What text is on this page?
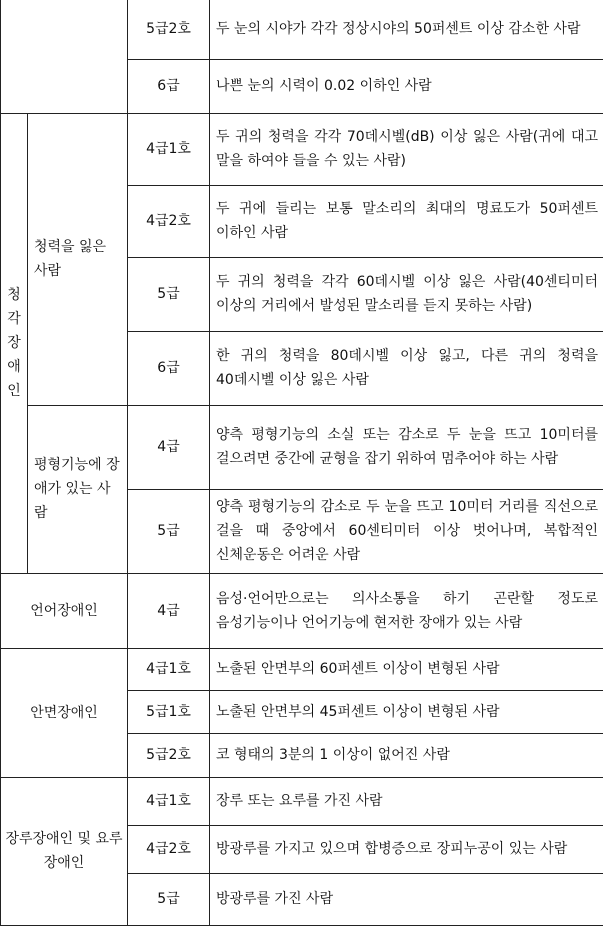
		5급2호	두 눈의 시야가 각각 정상시야의 50퍼센트 이상 감소한 사람
		6급	나쁜 눈의 시력이 0.02 이하인 사람
청각장애인	청력을 잃은 사람	4급1호	두 귀의 청력을 각각 70데시벨(dB) 이상 잃은 사람(귀에 대고 말을 하여야 들을 수 있는 사람)
		4급2호	두 귀에 들리는 보통 말소리의 최대의 명료도가 50퍼센트 이하인 사람
		5급	두 귀의 청력을 각각 60데시벨 이상 잃은 사람(40센티미터 이상의 거리에서 발성된 말소리를 듣지 못하는 사람)
		6급	한 귀의 청력을 80데시벨 이상 잃고, 다른 귀의 청력을 40데시벨 이상 잃은 사람
	평형기능에 장애가 있는 사람	4급	양측 평형기능의 소실 또는 감소로 두 눈을 뜨고 10미터를 걸으려면 중간에 균형을 잡기 위하여 멈추어야 하는 사람
		5급	양측 평형기능의 감소로 두 눈을 뜨고 10미터 거리를 직선으로 걸을 때 중앙에서 60센티미터 이상 벗어나며, 복합적인 신체운동은 어려운 사람
언어장애인		4급	음성·언어만으로는 의사소통을 하기 곤란할 정도로 음성기능이나 언어기능에 현저한 장애가 있는 사람
안면장애인		4급1호	노출된 안면부의 60퍼센트 이상이 변형된 사람
		5급1호	노출된 안면부의 45퍼센트 이상이 변형된 사람
		5급2호	코 형태의 3분의 1 이상이 없어진 사람
장루장애인 및 요루장애인		4급1호	장루 또는 요루를 가진 사람
		4급2호	방광루를 가지고 있으며 합병증으로 장피누공이 있는 사람
		5급	방광루를 가진 사람
